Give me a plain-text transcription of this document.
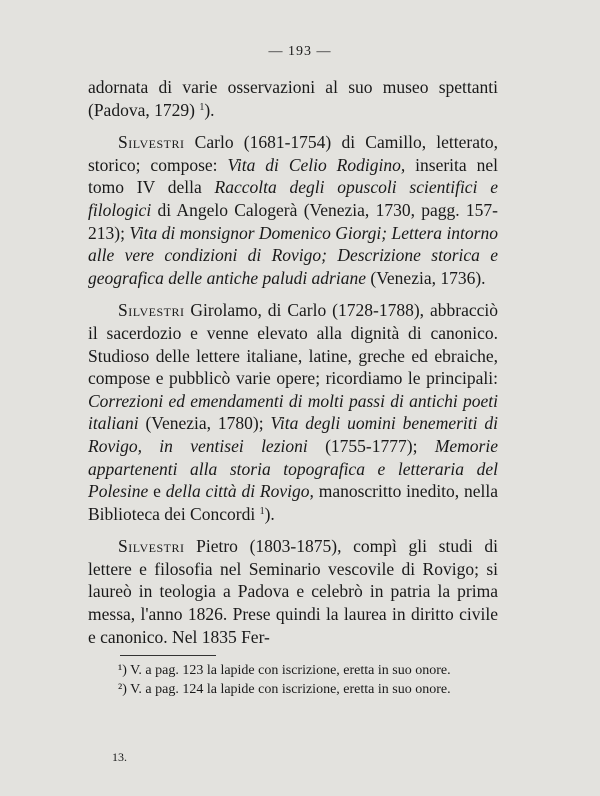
— 193 —

adornata di varie osservazioni al suo museo spettanti (Padova, 1729) $^1$).

Silvestri Carlo (1681-1754) di Camillo, letterato, storico; compose: Vita di Celio Rodigino, inserita nel tomo IV della Raccolta degli opuscoli scientifici e filologici di Angelo Calogerà (Venezia, 1730, pagg. 157-213); Vita di monsignor Domenico Giorgi; Lettera intorno alle vere condizioni di Rovigo; Descrizione storica e geografica delle antiche paludi adriane (Venezia, 1736).

Silvestri Girolamo, di Carlo (1728-1788), abbracciò il sacerdozio e venne elevato alla dignità di canonico. Studioso delle lettere italiane, latine, greche ed ebraiche, compose e pubblicò varie opere; ricordiamo le principali: Correzioni ed emendamenti di molti passi di antichi poeti italiani (Venezia, 1780); Vita degli uomini benemeriti di Rovigo, in ventisei lezioni (1755-1777); Memorie appartenenti alla storia topografica e letteraria del Polesine e della città di Rovigo, manoscritto inedito, nella Biblioteca dei Concordi $^1$).

Silvestri Pietro (1803-1875), compì gli studi di lettere e filosofia nel Seminario vescovile di Rovigo; si laureò in teologia a Padova e celebrò in patria la prima messa, l'anno 1826. Prese quindi la laurea in diritto civile e canonico. Nel 1835 Fer-

¹) V. a pag. 123 la lapide con iscrizione, eretta in suo onore.

²) V. a pag. 124 la lapide con iscrizione, eretta in suo onore.

13.
